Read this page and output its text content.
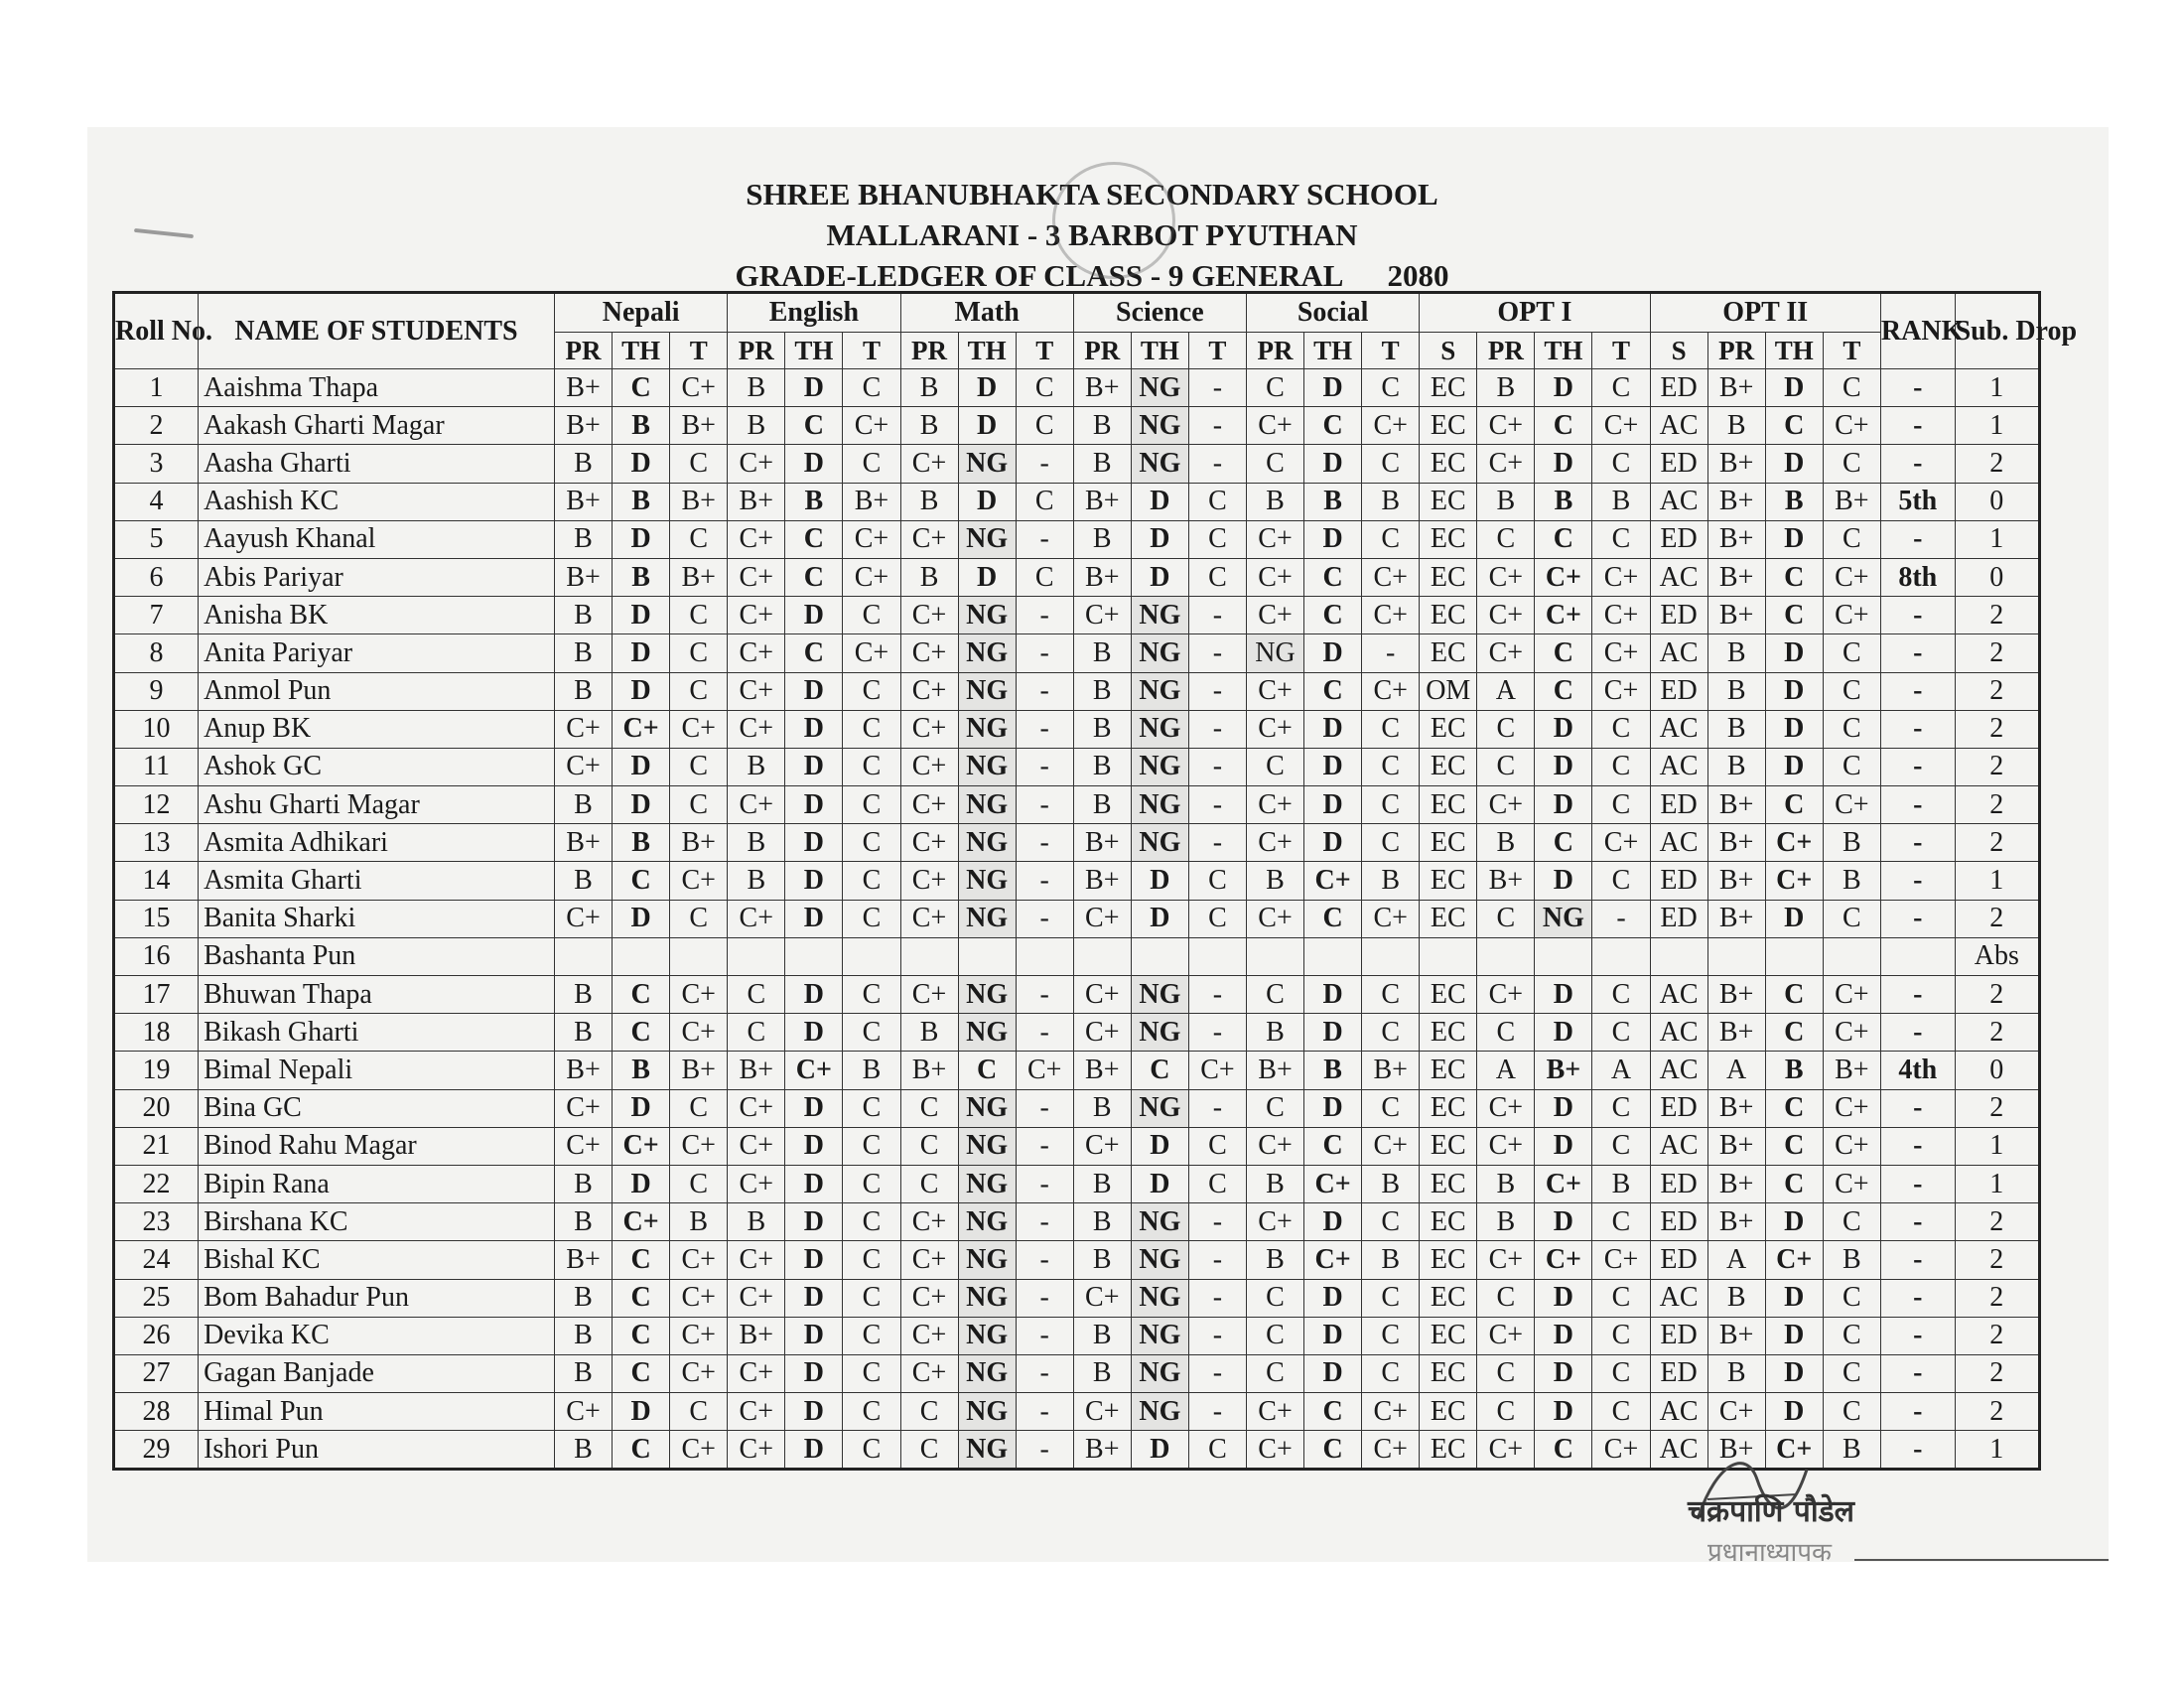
SHREE BHANUBHAKTA SECONDARY SCHOOL
MALLARANI - 3 BARBOT PYUTHAN
GRADE-LEDGER OF CLASS - 9 GENERAL 2080
Roll No.	NAME OF STUDENTS	Nepali			English			Math			Science			Social			OPT I				OPT II				RANK	Sub. Drop
		PR	TH	T	PR	TH	T	PR	TH	T	PR	TH	T	PR	TH	T	S	PR	TH	T	S	PR	TH	T		
1	Aaishma Thapa	B+	C	C+	B	D	C	B	D	C	B+	NG	-	C	D	C	EC	B	D	C	ED	B+	D	C	-	1
2	Aakash Gharti Magar	B+	B	B+	B	C	C+	B	D	C	B	NG	-	C+	C	C+	EC	C+	C	C+	AC	B	C	C+	-	1
3	Aasha Gharti	B	D	C	C+	D	C	C+	NG	-	B	NG	-	C	D	C	EC	C+	D	C	ED	B+	D	C	-	2
4	Aashish KC	B+	B	B+	B+	B	B+	B	D	C	B+	D	C	B	B	B	EC	B	B	B	AC	B+	B	B+	5th	0
5	Aayush Khanal	B	D	C	C+	C	C+	C+	NG	-	B	D	C	C+	D	C	EC	C	C	C	ED	B+	D	C	-	1
6	Abis Pariyar	B+	B	B+	C+	C	C+	B	D	C	B+	D	C	C+	C	C+	EC	C+	C+	C+	AC	B+	C	C+	8th	0
7	Anisha BK	B	D	C	C+	D	C	C+	NG	-	C+	NG	-	C+	C	C+	EC	C+	C+	C+	ED	B+	C	C+	-	2
8	Anita Pariyar	B	D	C	C+	C	C+	C+	NG	-	B	NG	-	NG	D	-	EC	C+	C	C+	AC	B	D	C	-	2
9	Anmol Pun	B	D	C	C+	D	C	C+	NG	-	B	NG	-	C+	C	C+	OM	A	C	C+	ED	B	D	C	-	2
10	Anup BK	C+	C+	C+	C+	D	C	C+	NG	-	B	NG	-	C+	D	C	EC	C	D	C	AC	B	D	C	-	2
11	Ashok GC	C+	D	C	B	D	C	C+	NG	-	B	NG	-	C	D	C	EC	C	D	C	AC	B	D	C	-	2
12	Ashu Gharti Magar	B	D	C	C+	D	C	C+	NG	-	B	NG	-	C+	D	C	EC	C+	D	C	ED	B+	C	C+	-	2
13	Asmita Adhikari	B+	B	B+	B	D	C	C+	NG	-	B+	NG	-	C+	D	C	EC	B	C	C+	AC	B+	C+	B	-	2
14	Asmita Gharti	B	C	C+	B	D	C	C+	NG	-	B+	D	C	B	C+	B	EC	B+	D	C	ED	B+	C+	B	-	1
15	Banita Sharki	C+	D	C	C+	D	C	C+	NG	-	C+	D	C	C+	C	C+	EC	C	NG	-	ED	B+	D	C	-	2
16	Bashanta Pun																									Abs
17	Bhuwan Thapa	B	C	C+	C	D	C	C+	NG	-	C+	NG	-	C	D	C	EC	C+	D	C	AC	B+	C	C+	-	2
18	Bikash Gharti	B	C	C+	C	D	C	B	NG	-	C+	NG	-	B	D	C	EC	C	D	C	AC	B+	C	C+	-	2
19	Bimal Nepali	B+	B	B+	B+	C+	B	B+	C	C+	B+	C	C+	B+	B	B+	EC	A	B+	A	AC	A	B	B+	4th	0
20	Bina GC	C+	D	C	C+	D	C	C	NG	-	B	NG	-	C	D	C	EC	C+	D	C	ED	B+	C	C+	-	2
21	Binod Rahu Magar	C+	C+	C+	C+	D	C	C	NG	-	C+	D	C	C+	C	C+	EC	C+	D	C	AC	B+	C	C+	-	1
22	Bipin Rana	B	D	C	C+	D	C	C	NG	-	B	D	C	B	C+	B	EC	B	C+	B	ED	B+	C	C+	-	1
23	Birshana KC	B	C+	B	B	D	C	C+	NG	-	B	NG	-	C+	D	C	EC	B	D	C	ED	B+	D	C	-	2
24	Bishal KC	B+	C	C+	C+	D	C	C+	NG	-	B	NG	-	B	C+	B	EC	C+	C+	C+	ED	A	C+	B	-	2
25	Bom Bahadur Pun	B	C	C+	C+	D	C	C+	NG	-	C+	NG	-	C	D	C	EC	C	D	C	AC	B	D	C	-	2
26	Devika KC	B	C	C+	B+	D	C	C+	NG	-	B	NG	-	C	D	C	EC	C+	D	C	ED	B+	D	C	-	2
27	Gagan Banjade	B	C	C+	C+	D	C	C+	NG	-	B	NG	-	C	D	C	EC	C	D	C	ED	B	D	C	-	2
28	Himal Pun	C+	D	C	C+	D	C	C	NG	-	C+	NG	-	C+	C	C+	EC	C	D	C	AC	C+	D	C	-	2
29	Ishori Pun	B	C	C+	C+	D	C	C	NG	-	B+	D	C	C+	C	C+	EC	C+	C	C+	AC	B+	C+	B	-	1
चक्रपाणि पौडेल
प्रधानाध्यापक
